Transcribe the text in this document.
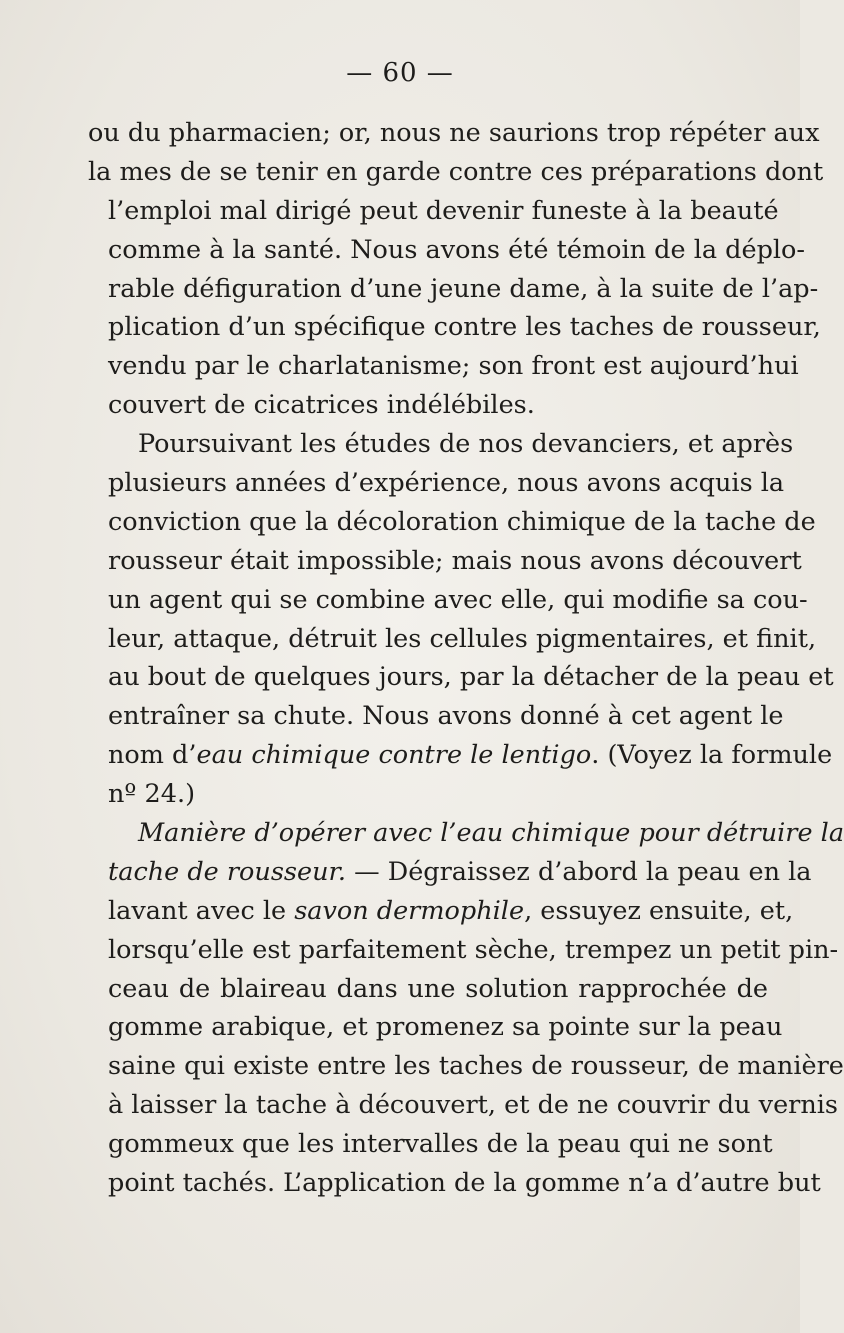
— 60 —
ou du pharmacien; or, nous ne saurions trop répéter aux
la mes de se tenir en garde contre ces préparations dont
l’emploi mal dirigé peut devenir funeste à la beauté
comme à la santé. Nous avons été témoin de la déplo-
rable défiguration d’une jeune dame, à la suite de l’ap-
plication d’un spécifique contre les taches de rousseur,
vendu par le charlatanisme; son front est aujourd’hui
couvert de cicatrices indélébiles.
Poursuivant les études de nos devanciers, et après
plusieurs années d’expérience, nous avons acquis la
conviction que la décoloration chimique de la tache de
rousseur était impossible; mais nous avons découvert
un agent qui se combine avec elle, qui modifie sa cou-
leur, attaque, détruit les cellules pigmentaires, et finit,
au bout de quelques jours, par la détacher de la peau et
entraîner sa chute. Nous avons donné à cet agent le
nom d’eau chimique contre le lentigo. (Voyez la formule
nº 24.)
Manière d’opérer avec l’eau chimique pour détruire la
tache de rousseur. — Dégraissez d’abord la peau en la
lavant avec le savon dermophile, essuyez ensuite, et,
lorsqu’elle est parfaitement sèche, trempez un petit pin-
ceau de blaireau dans une solution rapprochée de
gomme arabique, et promenez sa pointe sur la peau
saine qui existe entre les taches de rousseur, de manière
à laisser la tache à découvert, et de ne couvrir du vernis
gommeux que les intervalles de la peau qui ne sont
point tachés. L’application de la gomme n’a d’autre but
